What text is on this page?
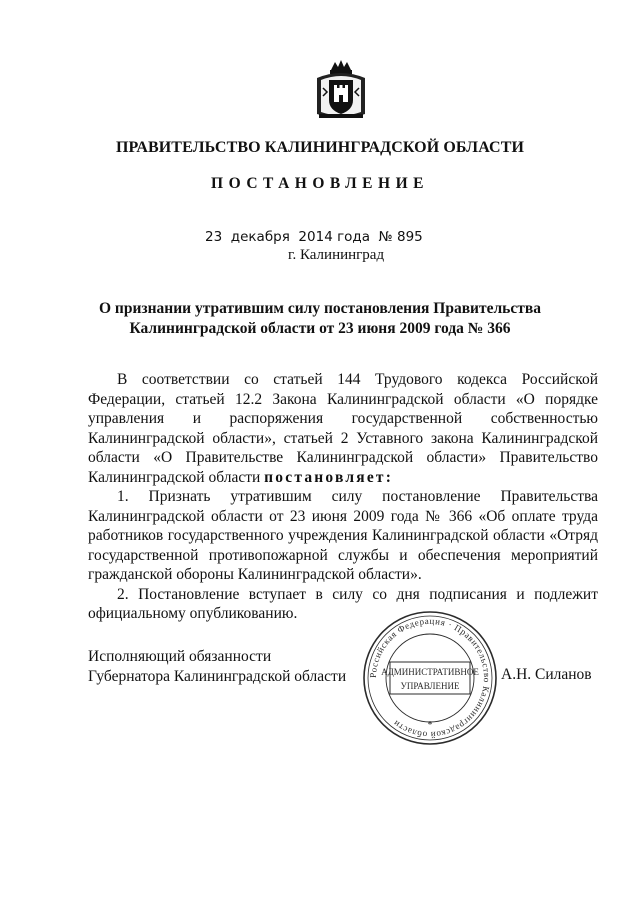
ПРАВИТЕЛЬСТВО КАЛИНИНГРАДСКОЙ ОБЛАСТИ
ПОСТАНОВЛЕНИЕ
23  декабря  2014 года № 895
г. Калининград
О признании утратившим силу постановления Правительства
Калининградской области от 23 июня 2009 года № 366

В соответствии со статьей 144 Трудового кодекса Российской Федерации, статьей 12.2 Закона Калининградской области «О порядке управления и распоряжения государственной собственностью Калининградской области», статьей 2 Уставного закона Калининградской области «О Правительстве Калининградской области» Правительство Калининградской области постановляет:

1. Признать утратившим силу постановление Правительства Калининградской области от 23 июня 2009 года № 366 «Об оплате труда работников государственного учреждения Калининградской области «Отряд государственной противопожарной службы и обеспечения мероприятий гражданской обороны Калининградской области».

2. Постановление вступает в силу со дня подписания и подлежит официальному опубликованию.

Исполняющий обязанности
Губернатора Калининградской области	А.Н. Силанов
Российская Федерация · Правительство Калининградской области
АДМИНИСТРАТИВНОЕ
УПРАВЛЕНИЕ
*
